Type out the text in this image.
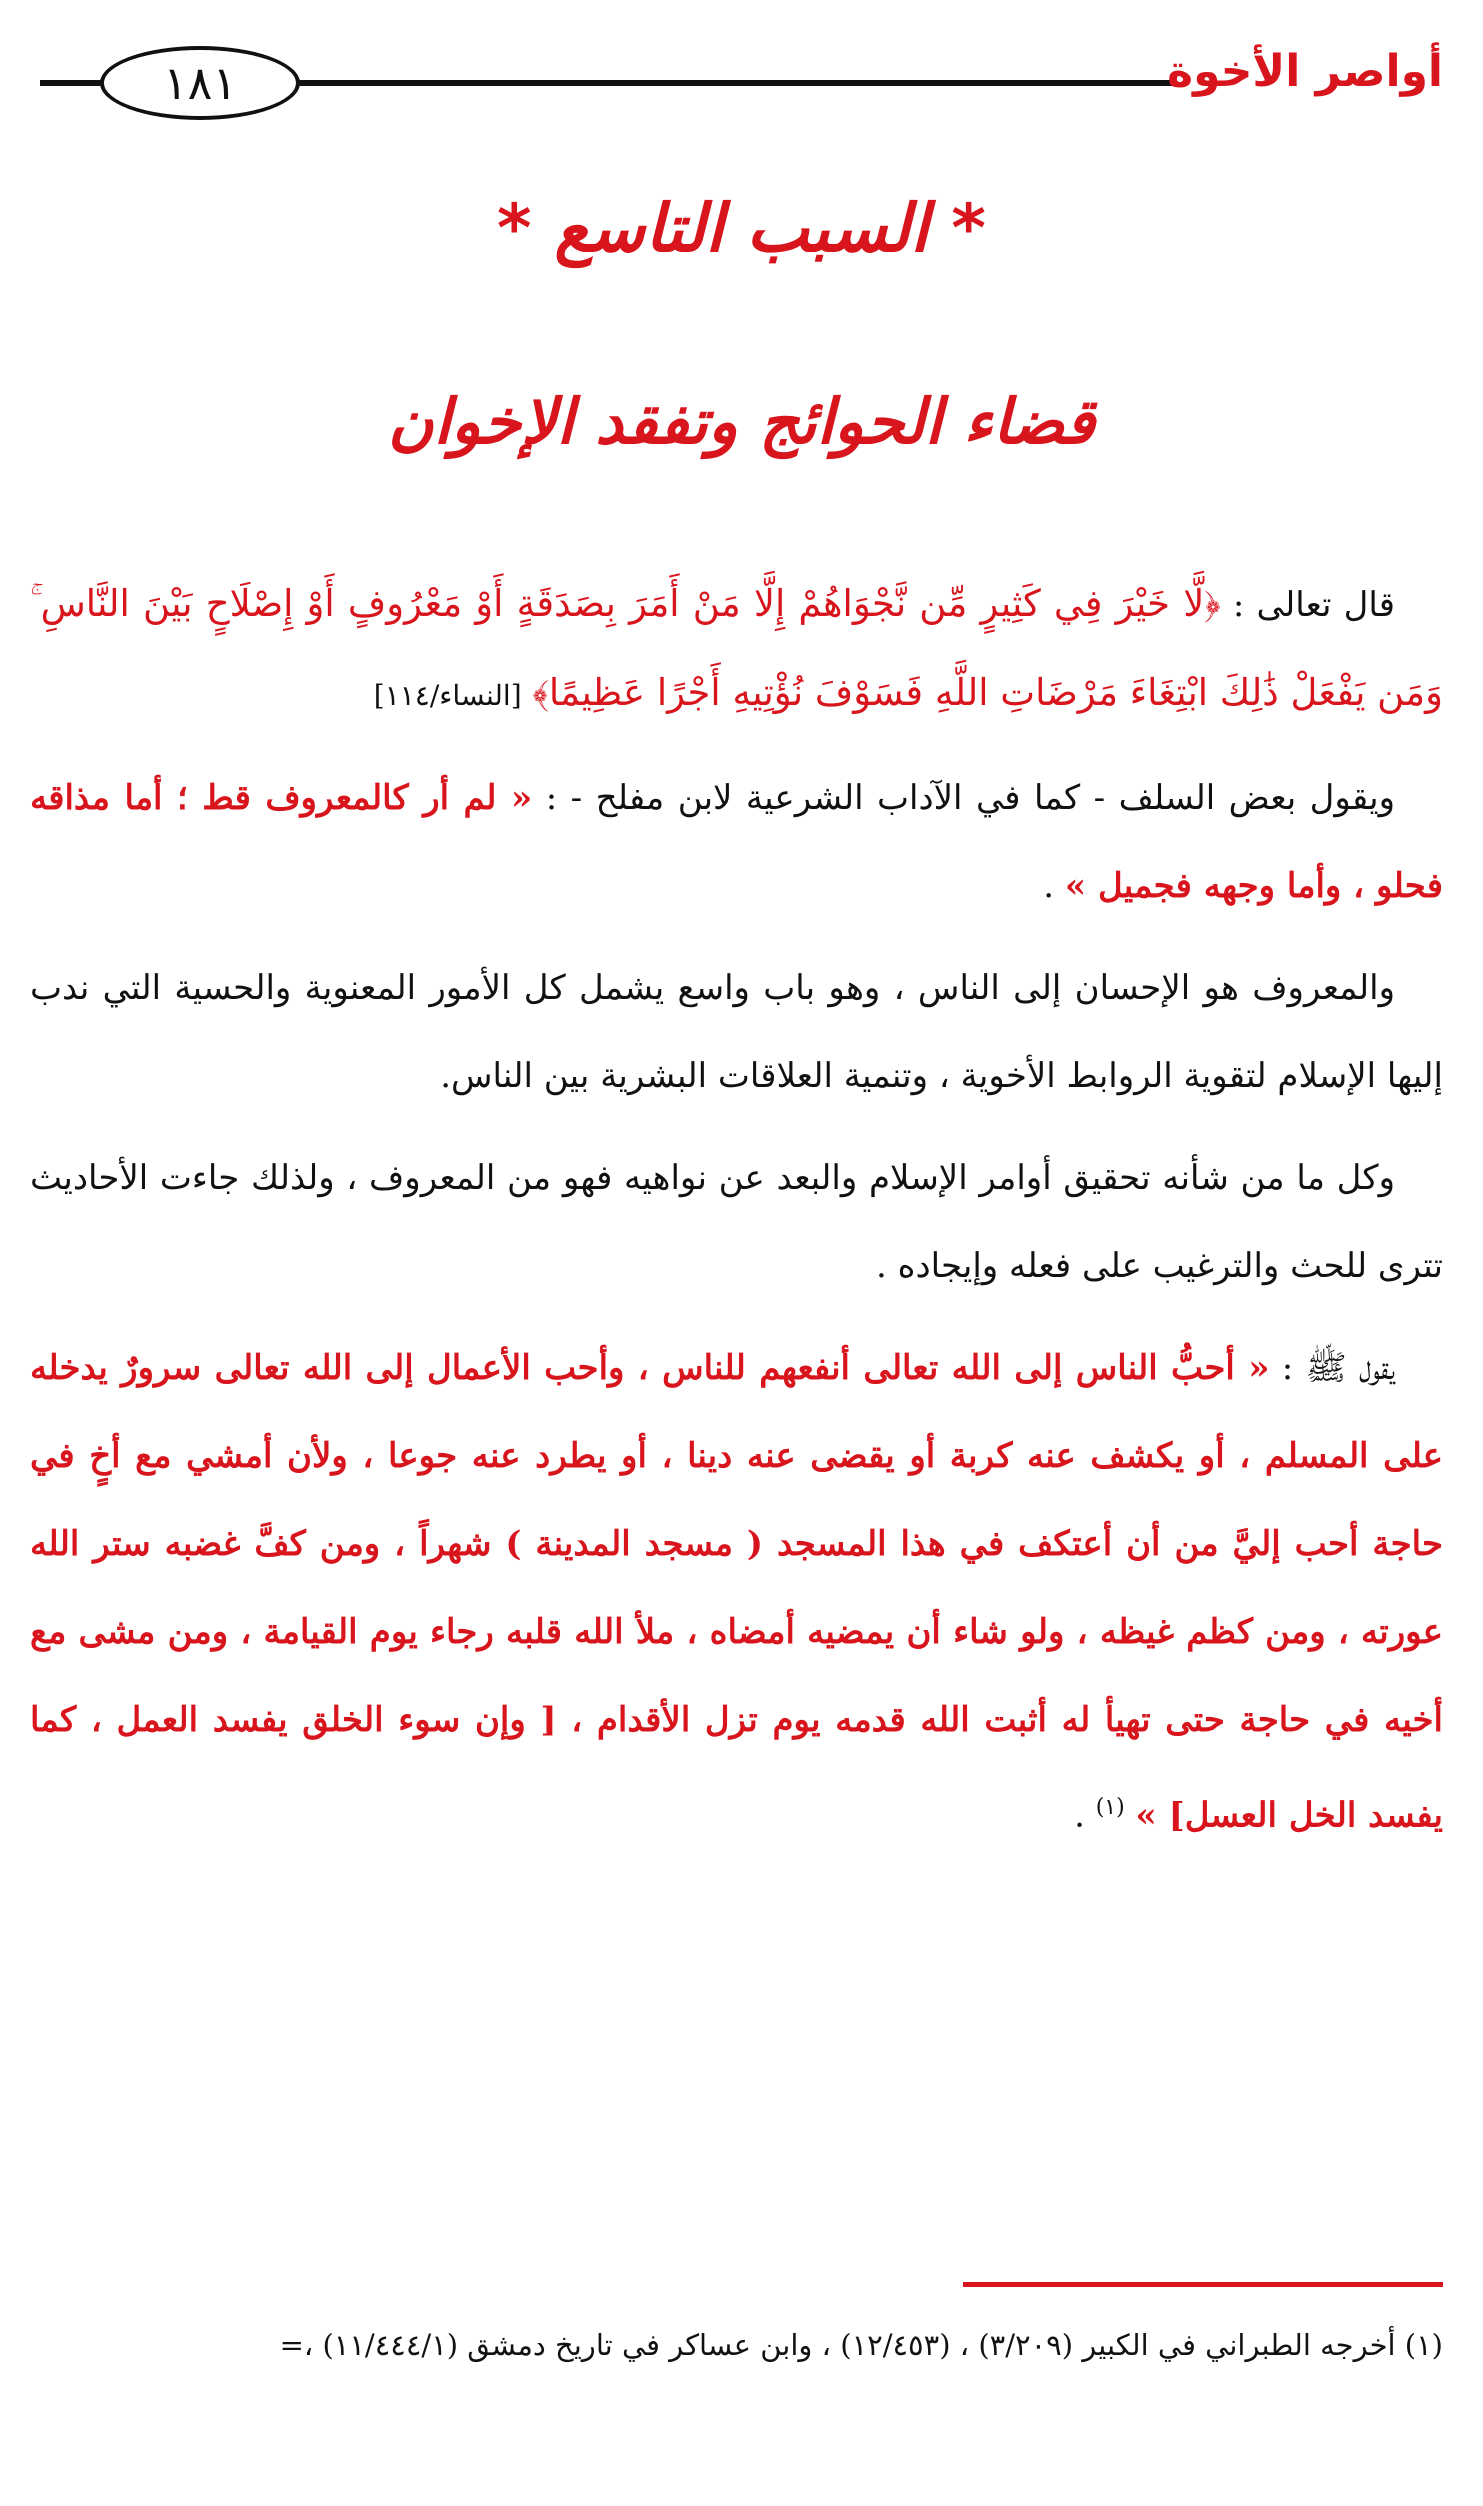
أواصر الأخوة
١٨١
* السبب التاسع *
قضاء الحوائج وتفقد الإخوان

قال تعالى : ﴿لَّا خَيْرَ فِي كَثِيرٍ مِّن نَّجْوَاهُمْ إِلَّا مَنْ أَمَرَ بِصَدَقَةٍ أَوْ مَعْرُوفٍ أَوْ إِصْلَاحٍ بَيْنَ النَّاسِ ۚ وَمَن يَفْعَلْ ذَٰلِكَ ابْتِغَاءَ مَرْضَاتِ اللَّهِ فَسَوْفَ نُؤْتِيهِ أَجْرًا عَظِيمًا﴾ [النساء/١١٤]

ويقول بعض السلف - كما في الآداب الشرعية لابن مفلح - : « لم أر كالمعروف قط ؛ أما مذاقه فحلو ، وأما وجهه فجميل » .

والمعروف هو الإحسان إلى الناس ، وهو باب واسع يشمل كل الأمور المعنوية والحسية التي ندب إليها الإسلام لتقوية الروابط الأخوية ، وتنمية العلاقات البشرية بين الناس.

وكل ما من شأنه تحقيق أوامر الإسلام والبعد عن نواهيه فهو من المعروف ، ولذلك جاءت الأحاديث تترى للحث والترغيب على فعله وإيجاده .

يقول ﷺ : « أحبُّ الناس إلى الله تعالى أنفعهم للناس ، وأحب الأعمال إلى الله تعالى سرورٌ يدخله على المسلم ، أو يكشف عنه كربة أو يقضى عنه دينا ، أو يطرد عنه جوعا ، ولأن أمشي مع أخٍ في حاجة أحب إليَّ من أن أعتكف في هذا المسجد ( مسجد المدينة ) شهراً ، ومن كفَّ غضبه ستر الله عورته ، ومن كظم غيظه ، ولو شاء أن يمضيه أمضاه ، ملأ الله قلبه رجاء يوم القيامة ، ومن مشى مع أخيه في حاجة حتى تهيأ له أثبت الله قدمه يوم تزل الأقدام ، [ وإن سوء الخلق يفسد العمل ، كما يفسد الخل العسل] » $^{(١)}$ .

(١) أخرجه الطبراني في الكبير (٣/٢٠٩) ، (١٢/٤٥٣) ، وابن عساكر في تاريخ دمشق (١١/٤٤٤/١) ،=
